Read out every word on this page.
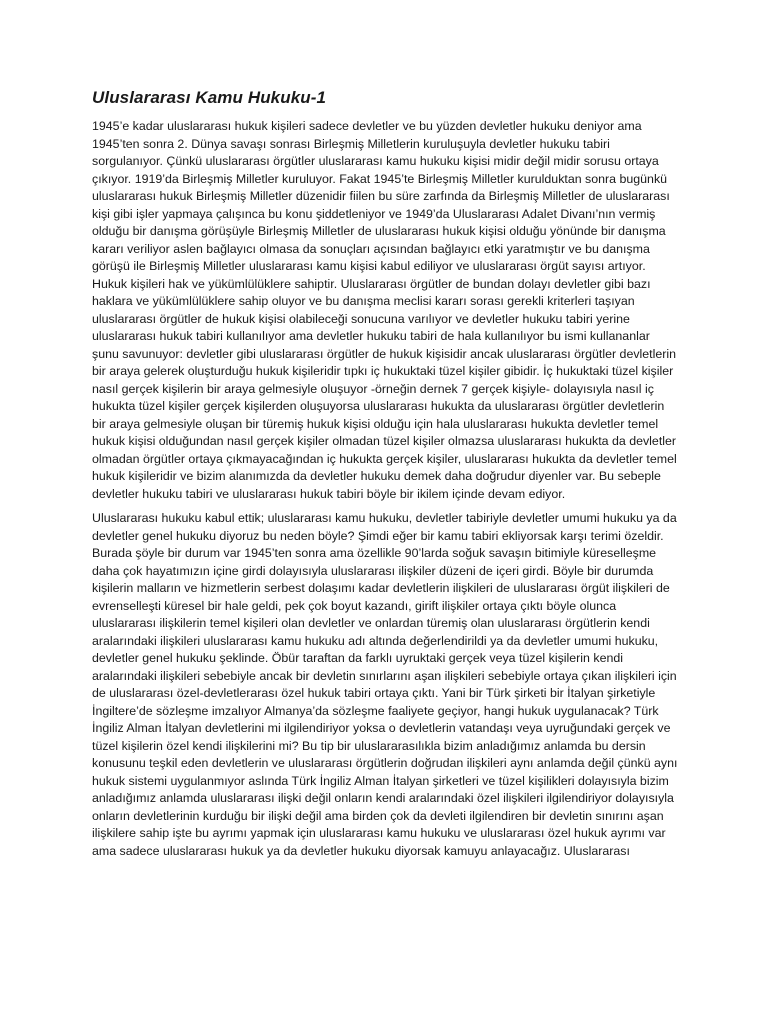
Uluslararası Kamu Hukuku-1

1945’e kadar uluslararası hukuk kişileri sadece devletler ve bu yüzden devletler hukuku deniyor ama 1945’ten sonra 2. Dünya savaşı sonrası Birleşmiş Milletlerin kuruluşuyla devletler hukuku tabiri sorgulanıyor. Çünkü uluslararası örgütler uluslararası kamu hukuku kişisi midir değil midir sorusu ortaya çıkıyor. 1919’da Birleşmiş Milletler kuruluyor. Fakat 1945’te Birleşmiş Milletler kurulduktan sonra bugünkü uluslararası hukuk Birleşmiş Milletler düzenidir fiilen bu süre zarfında da Birleşmiş Milletler de uluslararası kişi gibi işler yapmaya çalışınca bu konu şiddetleniyor ve 1949’da Uluslararası Adalet Divanı’nın vermiş olduğu bir danışma görüşüyle Birleşmiş Milletler de uluslararası hukuk kişisi olduğu yönünde bir danışma kararı veriliyor aslen bağlayıcı olmasa da sonuçları açısından bağlayıcı etki yaratmıştır ve bu danışma görüşü ile Birleşmiş Milletler uluslararası kamu kişisi kabul ediliyor ve uluslararası örgüt sayısı artıyor. Hukuk kişileri hak ve yükümlülüklere sahiptir. Uluslararası örgütler de bundan dolayı devletler gibi bazı haklara ve yükümlülüklere sahip oluyor ve bu danışma meclisi kararı sorası gerekli kriterleri taşıyan uluslararası örgütler de hukuk kişisi olabileceği sonucuna varılıyor ve devletler hukuku tabiri yerine uluslararası hukuk tabiri kullanılıyor ama devletler hukuku tabiri de hala kullanılıyor bu ismi kullananlar şunu savunuyor: devletler gibi uluslararası örgütler de hukuk kişisidir ancak uluslararası örgütler devletlerin bir araya gelerek oluşturduğu hukuk kişileridir tıpkı iç hukuktaki tüzel kişiler gibidir. İç hukuktaki tüzel kişiler nasıl gerçek kişilerin bir araya gelmesiyle oluşuyor -örneğin dernek 7 gerçek kişiyle- dolayısıyla nasıl iç hukukta tüzel kişiler gerçek kişilerden oluşuyorsa uluslararası hukukta da uluslararası örgütler devletlerin bir araya gelmesiyle oluşan bir türemiş hukuk kişisi olduğu için hala uluslararası hukukta devletler temel hukuk kişisi olduğundan nasıl gerçek kişiler olmadan tüzel kişiler olmazsa uluslararası hukukta da devletler olmadan örgütler ortaya çıkmayacağından iç hukukta gerçek kişiler, uluslararası hukukta da devletler temel hukuk kişileridir ve bizim alanımızda da devletler hukuku demek daha doğrudur diyenler var. Bu sebeple devletler hukuku tabiri ve uluslararası hukuk tabiri böyle bir ikilem içinde devam ediyor.

Uluslararası hukuku kabul ettik; uluslararası kamu hukuku, devletler tabiriyle devletler umumi hukuku ya da devletler genel hukuku diyoruz bu neden böyle? Şimdi eğer bir kamu tabiri ekliyorsak karşı terimi özeldir. Burada şöyle bir durum var 1945’ten sonra ama özellikle 90’larda soğuk savaşın bitimiyle küreselleşme daha çok hayatımızın içine girdi dolayısıyla uluslararası ilişkiler düzeni de içeri girdi. Böyle bir durumda kişilerin malların ve hizmetlerin serbest dolaşımı kadar devletlerin ilişkileri de uluslararası örgüt ilişkileri de evrenselleşti küresel bir hale geldi, pek çok boyut kazandı, girift ilişkiler ortaya çıktı böyle olunca uluslararası ilişkilerin temel kişileri olan devletler ve onlardan türemiş olan uluslararası örgütlerin kendi aralarındaki ilişkileri uluslararası kamu hukuku adı altında değerlendirildi ya da devletler umumi hukuku, devletler genel hukuku şeklinde. Öbür taraftan da farklı uyruktaki gerçek veya tüzel kişilerin kendi aralarındaki ilişkileri sebebiyle ancak bir devletin sınırlarını aşan ilişkileri sebebiyle ortaya çıkan ilişkileri için de uluslararası özel-devletlerarası özel hukuk tabiri ortaya çıktı. Yani bir Türk şirketi bir İtalyan şirketiyle İngiltere’de sözleşme imzalıyor Almanya’da sözleşme faaliyete geçiyor, hangi hukuk uygulanacak? Türk İngiliz Alman İtalyan devletlerini mi ilgilendiriyor yoksa o devletlerin vatandaşı veya uyruğundaki gerçek ve tüzel kişilerin özel kendi ilişkilerini mi? Bu tip bir uluslararasılıkla bizim anladığımız anlamda bu dersin konusunu teşkil eden devletlerin ve uluslararası örgütlerin doğrudan ilişkileri aynı anlamda değil çünkü aynı hukuk sistemi uygulanmıyor aslında Türk İngiliz Alman İtalyan şirketleri ve tüzel kişilikleri dolayısıyla bizim anladığımız anlamda uluslararası ilişki değil onların kendi aralarındaki özel ilişkileri ilgilendiriyor dolayısıyla onların devletlerinin kurduğu bir ilişki değil ama birden çok da devleti ilgilendiren bir devletin sınırını aşan ilişkilere sahip işte bu ayrımı yapmak için uluslararası kamu hukuku ve uluslararası özel hukuk ayrımı var ama sadece uluslararası hukuk ya da devletler hukuku diyorsak kamuyu anlayacağız. Uluslararası
